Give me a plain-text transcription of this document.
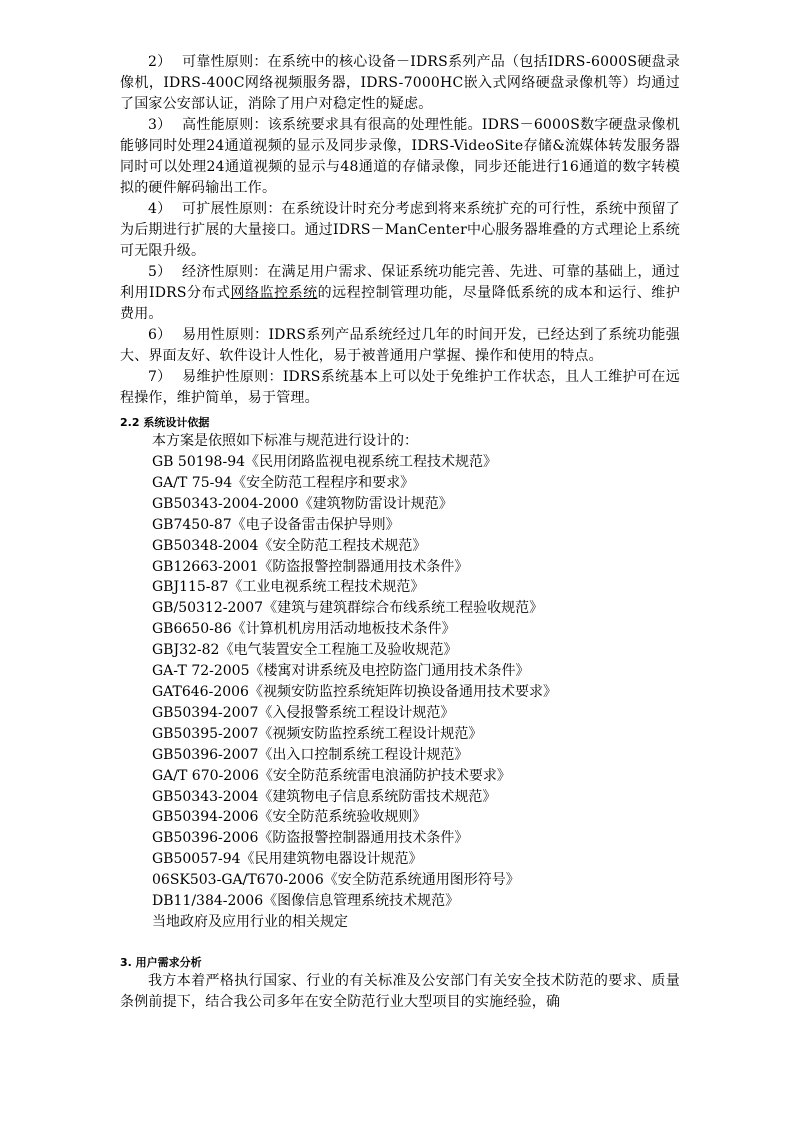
2） 可靠性原则：在系统中的核心设备－IDRS系列产品（包括IDRS-6000S硬盘录像机，IDRS-400C网络视频服务器，IDRS-7000HC嵌入式网络硬盘录像机等）均通过了国家公安部认证，消除了用户对稳定性的疑虑。

3） 高性能原则：该系统要求具有很高的处理性能。IDRS－6000S数字硬盘录像机能够同时处理24通道视频的显示及同步录像，IDRS-VideoSite存储&流媒体转发服务器同时可以处理24通道视频的显示与48通道的存储录像，同步还能进行16通道的数字转模拟的硬件解码输出工作。

4） 可扩展性原则：在系统设计时充分考虑到将来系统扩充的可行性，系统中预留了为后期进行扩展的大量接口。通过IDRS－ManCenter中心服务器堆叠的方式理论上系统可无限升级。

5） 经济性原则：在满足用户需求、保证系统功能完善、先进、可靠的基础上，通过利用IDRS分布式网络监控系统的远程控制管理功能，尽量降低系统的成本和运行、维护费用。

6） 易用性原则：IDRS系列产品系统经过几年的时间开发，已经达到了系统功能强大、界面友好、软件设计人性化，易于被普通用户掌握、操作和使用的特点。

7） 易维护性原则：IDRS系统基本上可以处于免维护工作状态，且人工维护可在远程操作，维护简单，易于管理。

2.2 系统设计依据

本方案是依照如下标准与规范进行设计的：

GB 50198-94《民用闭路监视电视系统工程技术规范》
GA/T 75-94《安全防范工程程序和要求》
GB50343-2004-2000《建筑物防雷设计规范》
GB7450-87《电子设备雷击保护导则》
GB50348-2004《安全防范工程技术规范》
GB12663-2001《防盗报警控制器通用技术条件》
GBJ115-87《工业电视系统工程技术规范》
GB/50312-2007《建筑与建筑群综合布线系统工程验收规范》
GB6650-86《计算机机房用活动地板技术条件》
GBJ32-82《电气装置安全工程施工及验收规范》
GA-T 72-2005《楼寓对讲系统及电控防盗门通用技术条件》
GAT646-2006《视频安防监控系统矩阵切换设备通用技术要求》
GB50394-2007《入侵报警系统工程设计规范》
GB50395-2007《视频安防监控系统工程设计规范》
GB50396-2007《出入口控制系统工程设计规范》
GA/T 670-2006《安全防范系统雷电浪涌防护技术要求》
GB50343-2004《建筑物电子信息系统防雷技术规范》
GB50394-2006《安全防范系统验收规则》
GB50396-2006《防盗报警控制器通用技术条件》
GB50057-94《民用建筑物电器设计规范》
06SK503-GA/T670-2006《安全防范系统通用图形符号》
DB11/384-2006《图像信息管理系统技术规范》
当地政府及应用行业的相关规定
3. 用户需求分析

我方本着严格执行国家、行业的有关标准及公安部门有关安全技术防范的要求、质量条例前提下，结合我公司多年在安全防范行业大型项目的实施经验，确
